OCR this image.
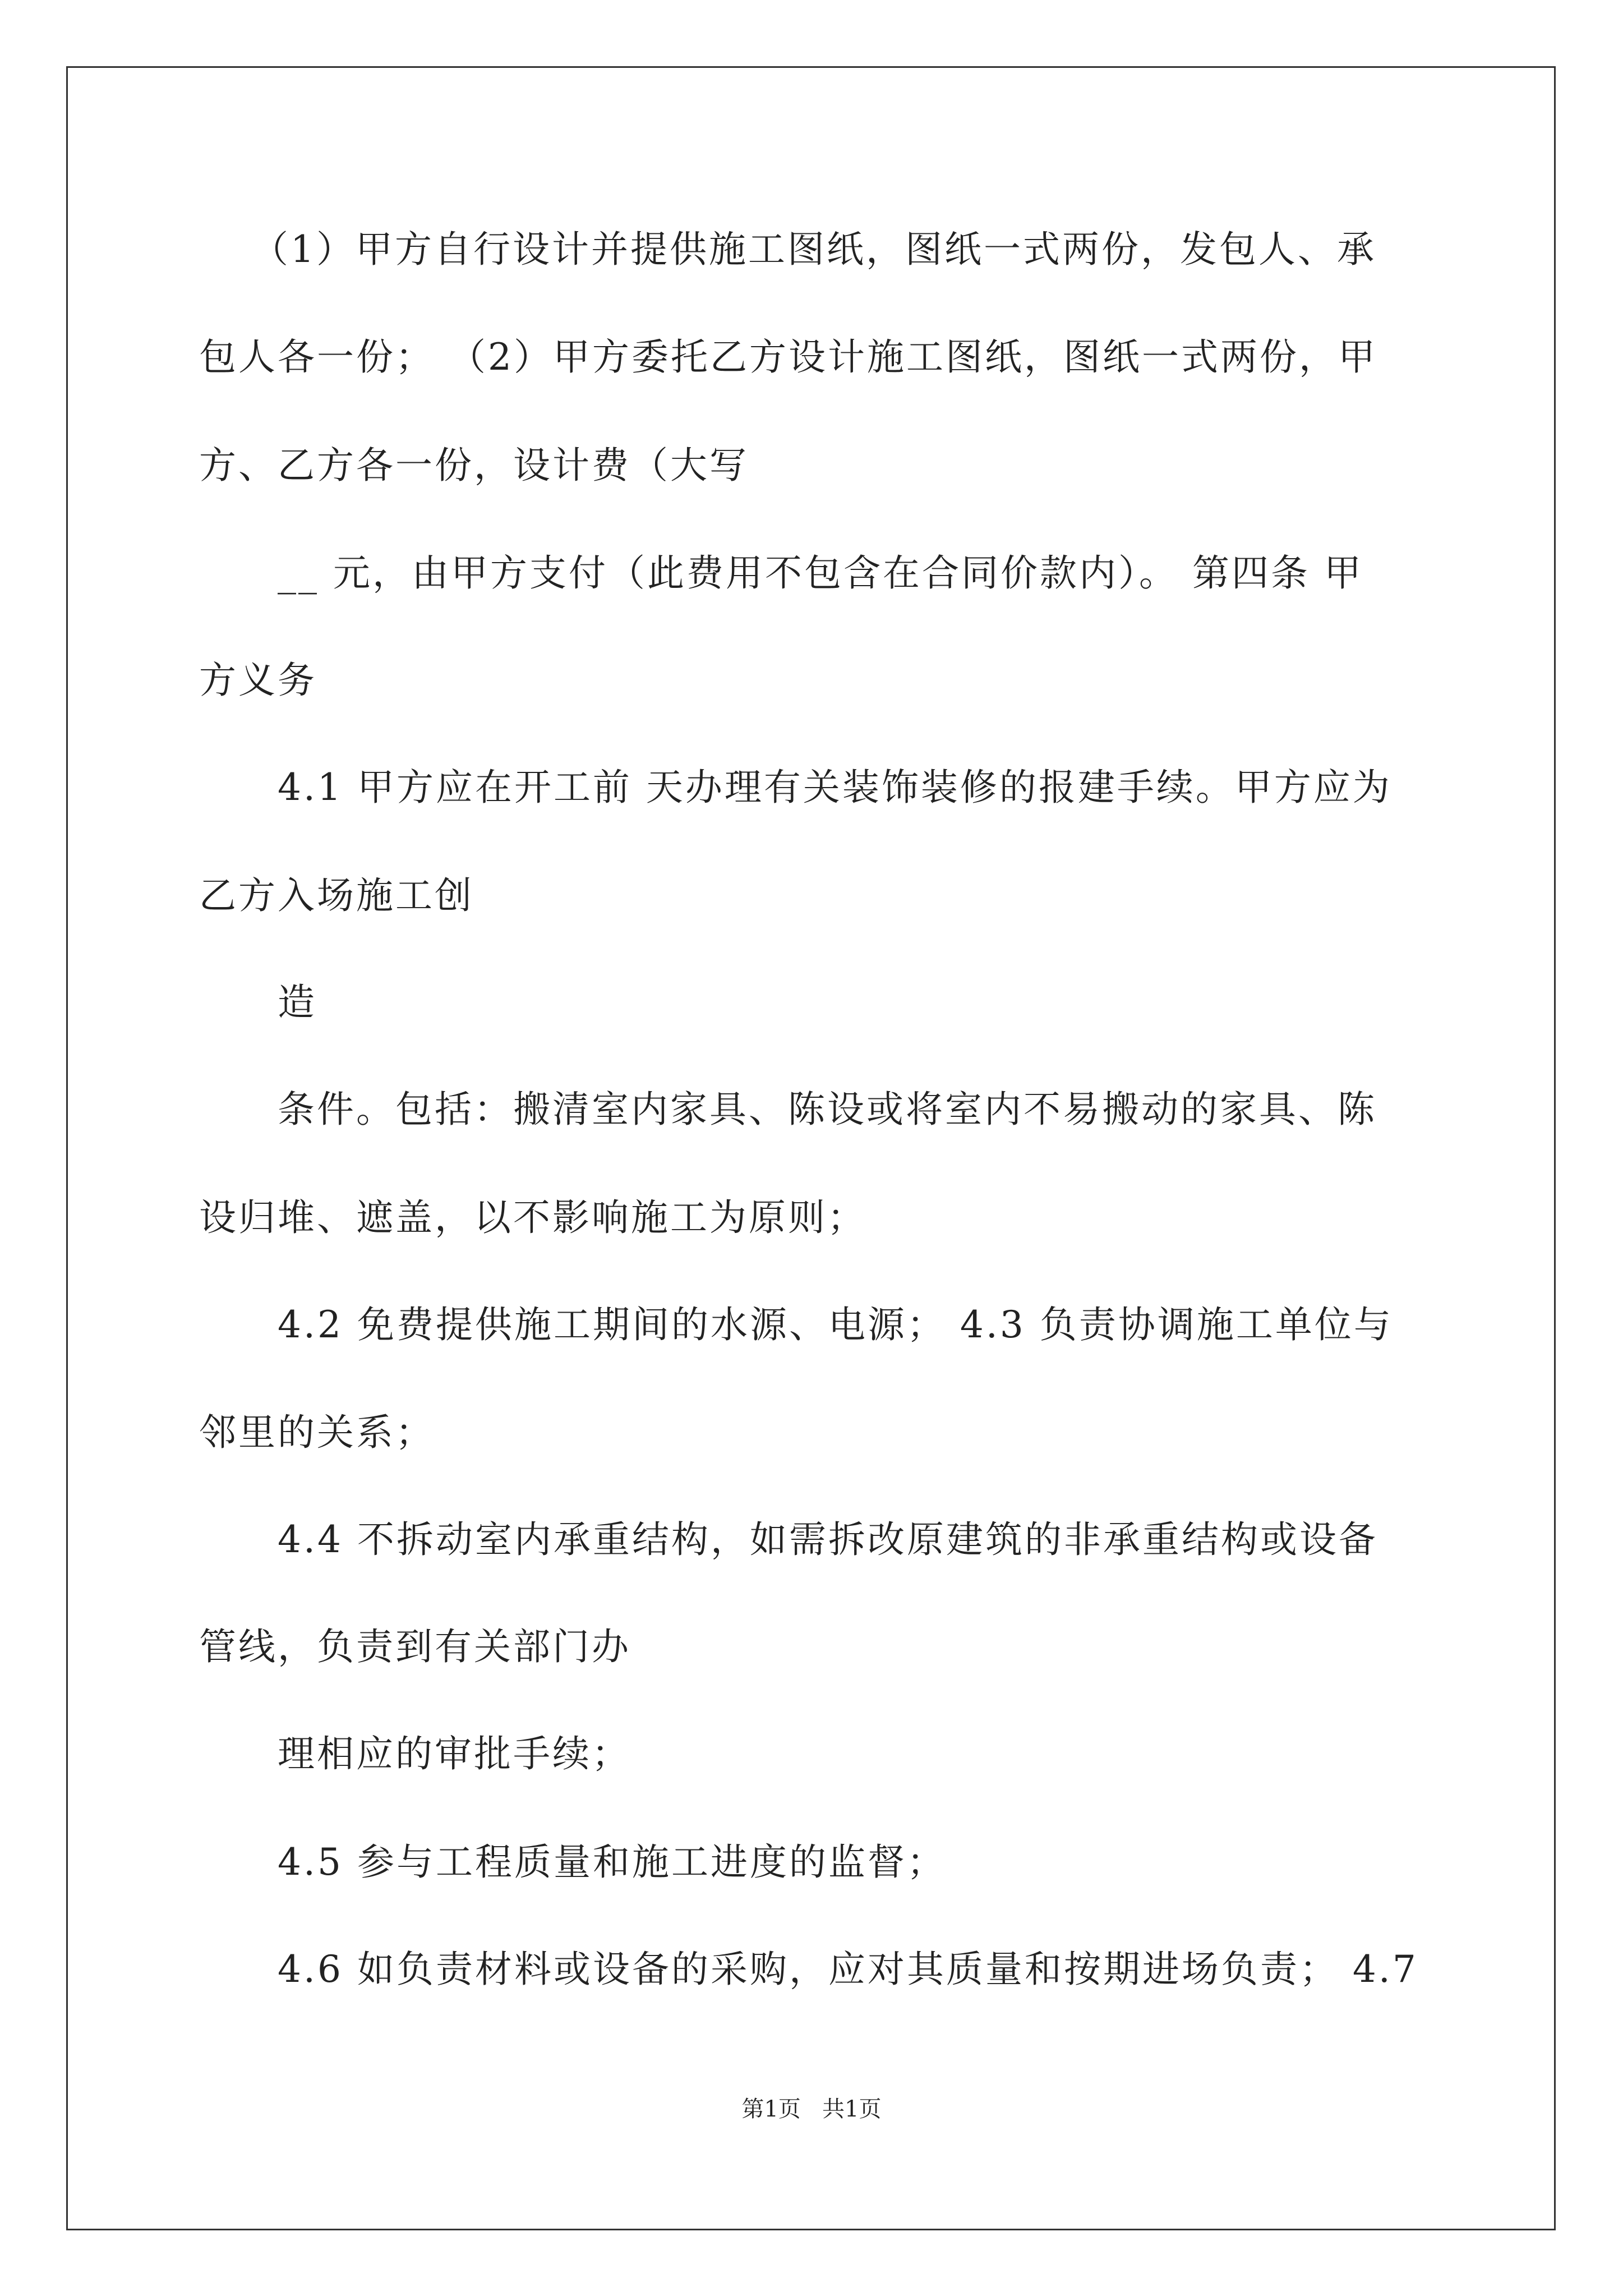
（1）甲方自行设计并提供施工图纸，图纸一式两份，发包人、承
包人各一份； （2）甲方委托乙方设计施工图纸，图纸一式两份，甲
方、乙方各一份，设计费（大写
__ 元，由甲方支付（此费用不包含在合同价款内）。 第四条 甲
方义务
4.1 甲方应在开工前 天办理有关装饰装修的报建手续。甲方应为
乙方入场施工创
造
条件。包括：搬清室内家具、陈设或将室内不易搬动的家具、陈
设归堆、遮盖，以不影响施工为原则；
4.2 免费提供施工期间的水源、电源； 4.3 负责协调施工单位与
邻里的关系；
4.4 不拆动室内承重结构，如需拆改原建筑的非承重结构或设备
管线，负责到有关部门办
理相应的审批手续；
4.5 参与工程质量和施工进度的监督；
4.6 如负责材料或设备的采购，应对其质量和按期进场负责； 4.7
第1页   共1页
